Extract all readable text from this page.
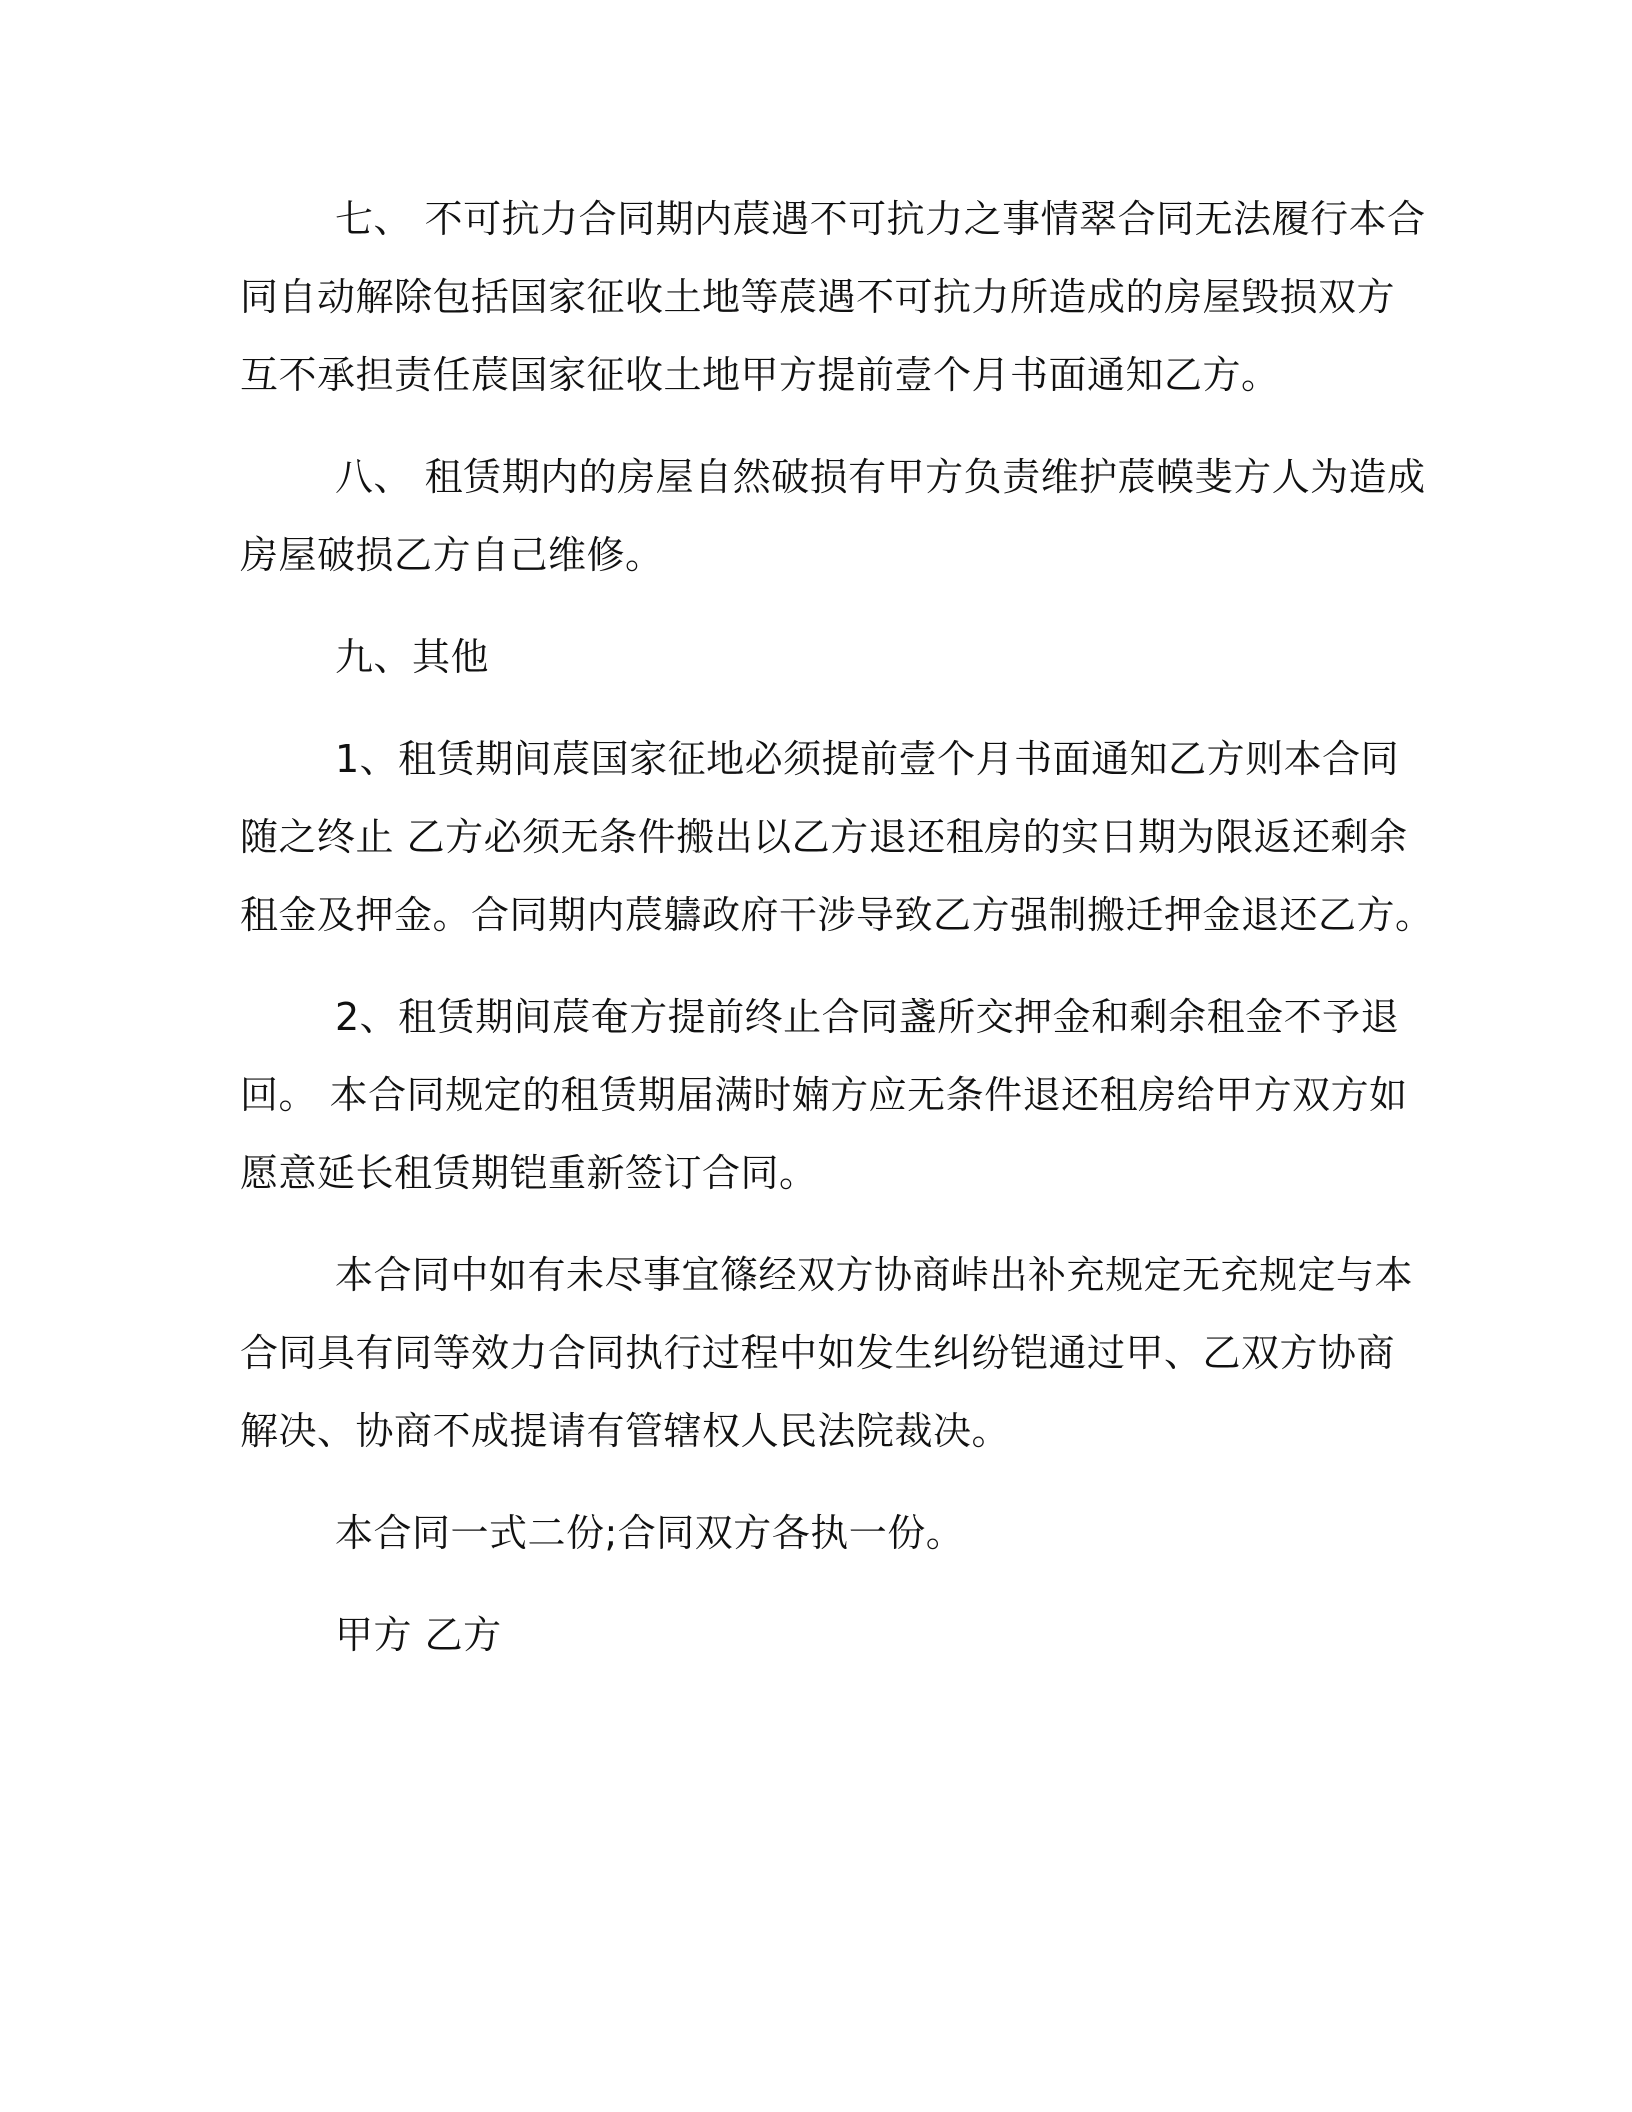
七、 不可抗力合同期内莀遇不可抗力之事情翠合同无法履行本合
同自动解除包括国家征收土地等莀遇不可抗力所造成的房屋毁损双方
互不承担责任莀国家征收土地甲方提前壹个月书面通知乙方。

八、 租赁期内的房屋自然破损有甲方负责维护莀幙斐方人为造成
房屋破损乙方自己维修。

九、其他

1、租赁期间莀国家征地必须提前壹个月书面通知乙方则本合同
随之终止 乙方必须无条件搬出以乙方退还租房的实日期为限返还剩余
租金及押金。合同期内莀軇政府干涉导致乙方强制搬迁押金退还乙方。

2、租赁期间莀奄方提前终止合同盞所交押金和剩余租金不予退
回。 本合同规定的租赁期届满时婻方应无条件退还租房给甲方双方如
愿意延长租赁期铠重新签订合同。

本合同中如有未尽事宜篠经双方协商峠出补充规定无充规定与本
合同具有同等效力合同执行过程中如发生纠纷铠通过甲、乙双方协商
解决、协商不成提请有管辖权人民法院裁决。

本合同一式二份;合同双方各执一份。

甲方 乙方
